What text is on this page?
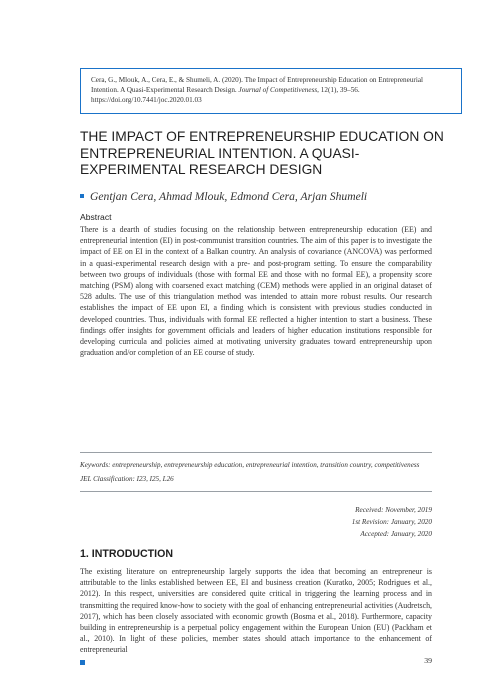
Cera, G., Mlouk, A., Cera, E., & Shumeli, A. (2020). The Impact of Entrepreneurship Education on Entrepreneurial Intention. A Quasi-Experimental Research Design. Journal of Competitiveness, 12(1), 39–56. https://doi.org/10.7441/joc.2020.01.03
THE IMPACT OF ENTREPRENEURSHIP EDUCATION ON ENTREPRENEURIAL INTENTION. A QUASI-EXPERIMENTAL RESEARCH DESIGN
Gentjan Cera, Ahmad Mlouk, Edmond Cera, Arjan Shumeli
Abstract

There is a dearth of studies focusing on the relationship between entrepreneurship education (EE) and entrepreneurial intention (EI) in post-communist transition countries. The aim of this paper is to investigate the impact of EE on EI in the context of a Balkan country. An analysis of covariance (ANCOVA) was performed in a quasi-experimental research design with a pre- and post-program setting. To ensure the comparability between two groups of individuals (those with formal EE and those with no formal EE), a propensity score matching (PSM) along with coarsened exact matching (CEM) methods were applied in an original dataset of 528 adults. The use of this triangulation method was intended to attain more robust results. Our research establishes the impact of EE upon EI, a finding which is consistent with previous studies conducted in developed countries. Thus, individuals with formal EE reflected a higher intention to start a business. These findings offer insights for government officials and leaders of higher education institutions responsible for developing curricula and policies aimed at motivating university graduates toward entrepreneurship upon graduation and/or completion of an EE course of study.

Keywords: entrepreneurship, entrepreneurship education, entrepreneurial intention, transition country, competitiveness
JEL Classification: I23, I25, L26
Received: November, 2019
1st Revision: January, 2020
Accepted: January, 2020
1. INTRODUCTION

The existing literature on entrepreneurship largely supports the idea that becoming an entrepreneur is attributable to the links established between EE, EI and business creation (Kuratko, 2005; Rodrigues et al., 2012). In this respect, universities are considered quite critical in triggering the learning process and in transmitting the required know-how to society with the goal of enhancing entrepreneurial activities (Audretsch, 2017), which has been closely associated with economic growth (Bosma et al., 2018). Furthermore, capacity building in entrepreneurship is a perpetual policy engagement within the European Union (EU) (Packham et al., 2010). In light of these policies, member states should attach importance to the enhancement of entrepreneurial

39
